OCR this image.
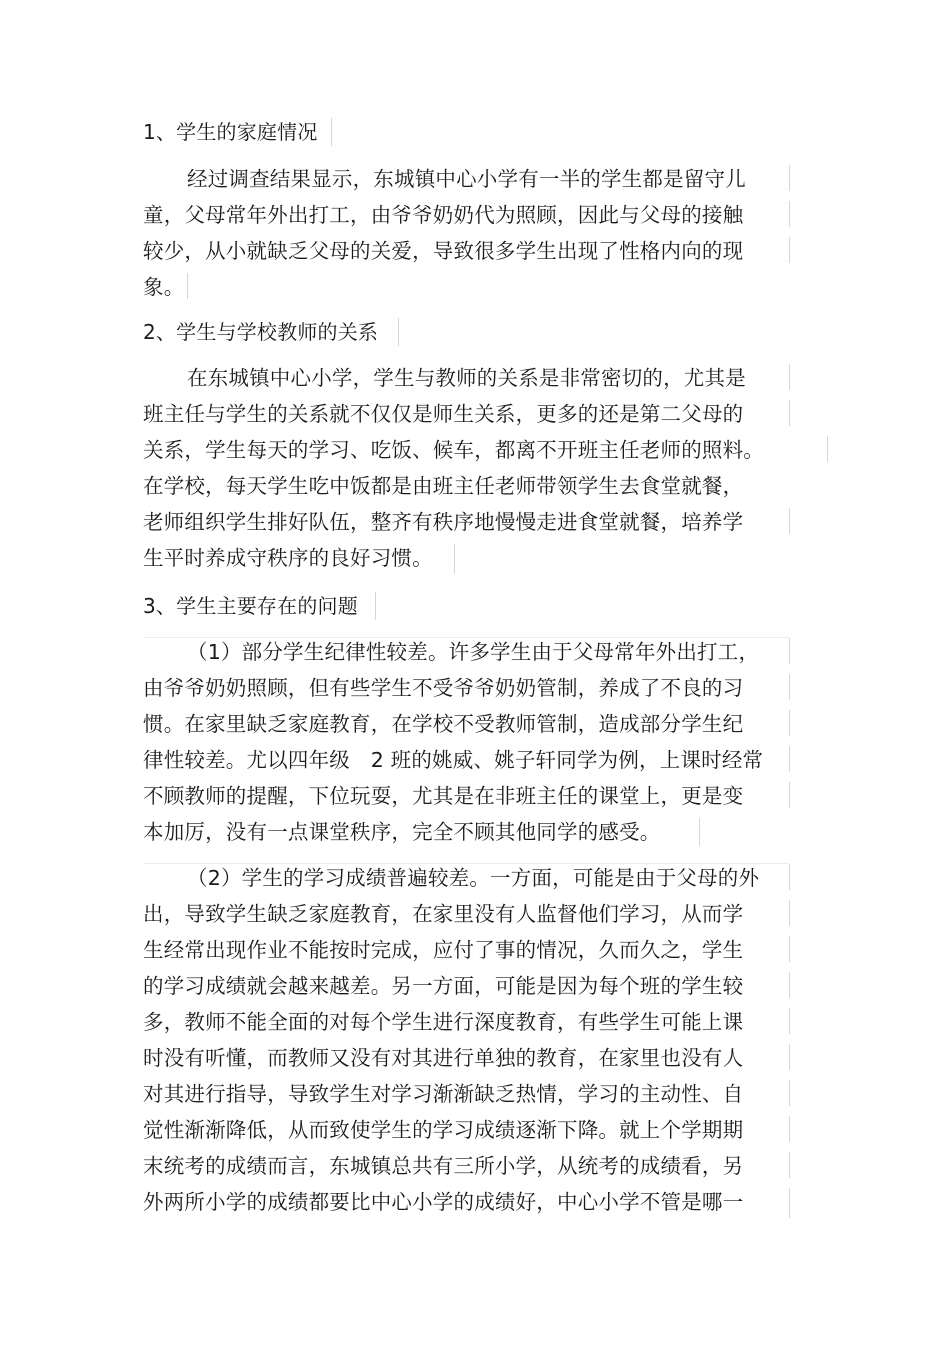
1、学生的家庭情况
经过调查结果显示，东城镇中心小学有一半的学生都是留守儿
童，父母常年外出打工，由爷爷奶奶代为照顾，因此与父母的接触
较少，从小就缺乏父母的关爱，导致很多学生出现了性格内向的现
象。
2、学生与学校教师的关系
在东城镇中心小学，学生与教师的关系是非常密切的，尤其是
班主任与学生的关系就不仅仅是师生关系，更多的还是第二父母的
关系，学生每天的学习、吃饭、候车，都离不开班主任老师的照料。
在学校，每天学生吃中饭都是由班主任老师带领学生去食堂就餐，
老师组织学生排好队伍，整齐有秩序地慢慢走进食堂就餐，培养学
生平时养成守秩序的良好习惯。
3、学生主要存在的问题
（1）部分学生纪律性较差。许多学生由于父母常年外出打工，
由爷爷奶奶照顾，但有些学生不受爷爷奶奶管制，养成了不良的习
惯。在家里缺乏家庭教育，在学校不受教师管制，造成部分学生纪
律性较差。尤以四年级　2 班的姚威、姚子轩同学为例，上课时经常
不顾教师的提醒，下位玩耍，尤其是在非班主任的课堂上，更是变
本加厉，没有一点课堂秩序，完全不顾其他同学的感受。
（2）学生的学习成绩普遍较差。一方面，可能是由于父母的外
出，导致学生缺乏家庭教育，在家里没有人监督他们学习，从而学
生经常出现作业不能按时完成，应付了事的情况，久而久之，学生
的学习成绩就会越来越差。另一方面，可能是因为每个班的学生较
多，教师不能全面的对每个学生进行深度教育，有些学生可能上课
时没有听懂，而教师又没有对其进行单独的教育，在家里也没有人
对其进行指导，导致学生对学习渐渐缺乏热情，学习的主动性、自
觉性渐渐降低，从而致使学生的学习成绩逐渐下降。就上个学期期
末统考的成绩而言，东城镇总共有三所小学，从统考的成绩看，另
外两所小学的成绩都要比中心小学的成绩好，中心小学不管是哪一
